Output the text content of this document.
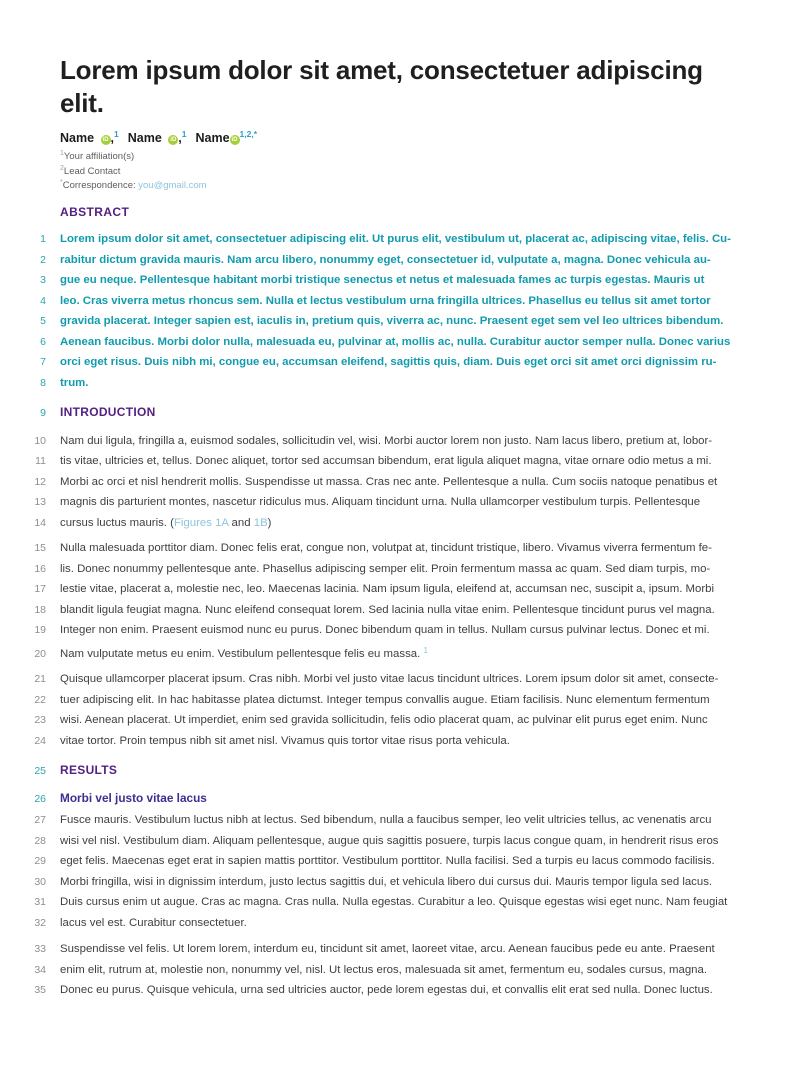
Lorem ipsum dolor sit amet, consectetuer adipiscing
elit.
Name iD ,$^1$ Name iD ,$^1$ Name $iD^{1,2,*}$
$^1$Your affiliation(s)
$^2$Lead Contact
*Correspondence: you@gmail.com
ABSTRACT
1	Lorem ipsum dolor sit amet, consectetuer adipiscing elit. Ut purus elit, vestibulum ut, placerat ac, adipiscing vitae, felis. Cu-
2	rabitur dictum gravida mauris. Nam arcu libero, nonummy eget, consectetuer id, vulputate a, magna. Donec vehicula au-
3	gue eu neque. Pellentesque habitant morbi tristique senectus et netus et malesuada fames ac turpis egestas. Mauris ut
4	leo. Cras viverra metus rhoncus sem. Nulla et lectus vestibulum urna fringilla ultrices. Phasellus eu tellus sit amet tortor
5	gravida placerat. Integer sapien est, iaculis in, pretium quis, viverra ac, nunc. Praesent eget sem vel leo ultrices bibendum.
6	Aenean faucibus. Morbi dolor nulla, malesuada eu, pulvinar at, mollis ac, nulla. Curabitur auctor semper nulla. Donec varius
7	orci eget risus. Duis nibh mi, congue eu, accumsan eleifend, sagittis quis, diam. Duis eget orci sit amet orci dignissim ru-
8	trum.
9	INTRODUCTION
10	Nam dui ligula, fringilla a, euismod sodales, sollicitudin vel, wisi. Morbi auctor lorem non justo. Nam lacus libero, pretium at, lobor-
11	tis vitae, ultricies et, tellus. Donec aliquet, tortor sed accumsan bibendum, erat ligula aliquet magna, vitae ornare odio metus a mi.
12	Morbi ac orci et nisl hendrerit mollis. Suspendisse ut massa. Cras nec ante. Pellentesque a nulla. Cum sociis natoque penatibus et
13	magnis dis parturient montes, nascetur ridiculus mus. Aliquam tincidunt urna. Nulla ullamcorper vestibulum turpis. Pellentesque
14	cursus luctus mauris. (Figures 1A and 1B)
15	Nulla malesuada porttitor diam. Donec felis erat, congue non, volutpat at, tincidunt tristique, libero. Vivamus viverra fermentum fe-
16	lis. Donec nonummy pellentesque ante. Phasellus adipiscing semper elit. Proin fermentum massa ac quam. Sed diam turpis, mo-
17	lestie vitae, placerat a, molestie nec, leo. Maecenas lacinia. Nam ipsum ligula, eleifend at, accumsan nec, suscipit a, ipsum. Morbi
18	blandit ligula feugiat magna. Nunc eleifend consequat lorem. Sed lacinia nulla vitae enim. Pellentesque tincidunt purus vel magna.
19	Integer non enim. Praesent euismod nunc eu purus. Donec bibendum quam in tellus. Nullam cursus pulvinar lectus. Donec et mi.
20	Nam vulputate metus eu enim. Vestibulum pellentesque felis eu massa. $^1$
21	Quisque ullamcorper placerat ipsum. Cras nibh. Morbi vel justo vitae lacus tincidunt ultrices. Lorem ipsum dolor sit amet, consecte-
22	tuer adipiscing elit. In hac habitasse platea dictumst. Integer tempus convallis augue. Etiam facilisis. Nunc elementum fermentum
23	wisi. Aenean placerat. Ut imperdiet, enim sed gravida sollicitudin, felis odio placerat quam, ac pulvinar elit purus eget enim. Nunc
24	vitae tortor. Proin tempus nibh sit amet nisl. Vivamus quis tortor vitae risus porta vehicula.
25	RESULTS
26	Morbi vel justo vitae lacus
27	Fusce mauris. Vestibulum luctus nibh at lectus. Sed bibendum, nulla a faucibus semper, leo velit ultricies tellus, ac venenatis arcu
28	wisi vel nisl. Vestibulum diam. Aliquam pellentesque, augue quis sagittis posuere, turpis lacus congue quam, in hendrerit risus eros
29	eget felis. Maecenas eget erat in sapien mattis porttitor. Vestibulum porttitor. Nulla facilisi. Sed a turpis eu lacus commodo facilisis.
30	Morbi fringilla, wisi in dignissim interdum, justo lectus sagittis dui, et vehicula libero dui cursus dui. Mauris tempor ligula sed lacus.
31	Duis cursus enim ut augue. Cras ac magna. Cras nulla. Nulla egestas. Curabitur a leo. Quisque egestas wisi eget nunc. Nam feugiat
32	lacus vel est. Curabitur consectetuer.
33	Suspendisse vel felis. Ut lorem lorem, interdum eu, tincidunt sit amet, laoreet vitae, arcu. Aenean faucibus pede eu ante. Praesent
34	enim elit, rutrum at, molestie non, nonummy vel, nisl. Ut lectus eros, malesuada sit amet, fermentum eu, sodales cursus, magna.
35	Donec eu purus. Quisque vehicula, urna sed ultricies auctor, pede lorem egestas dui, et convallis elit erat sed nulla. Donec luctus.
